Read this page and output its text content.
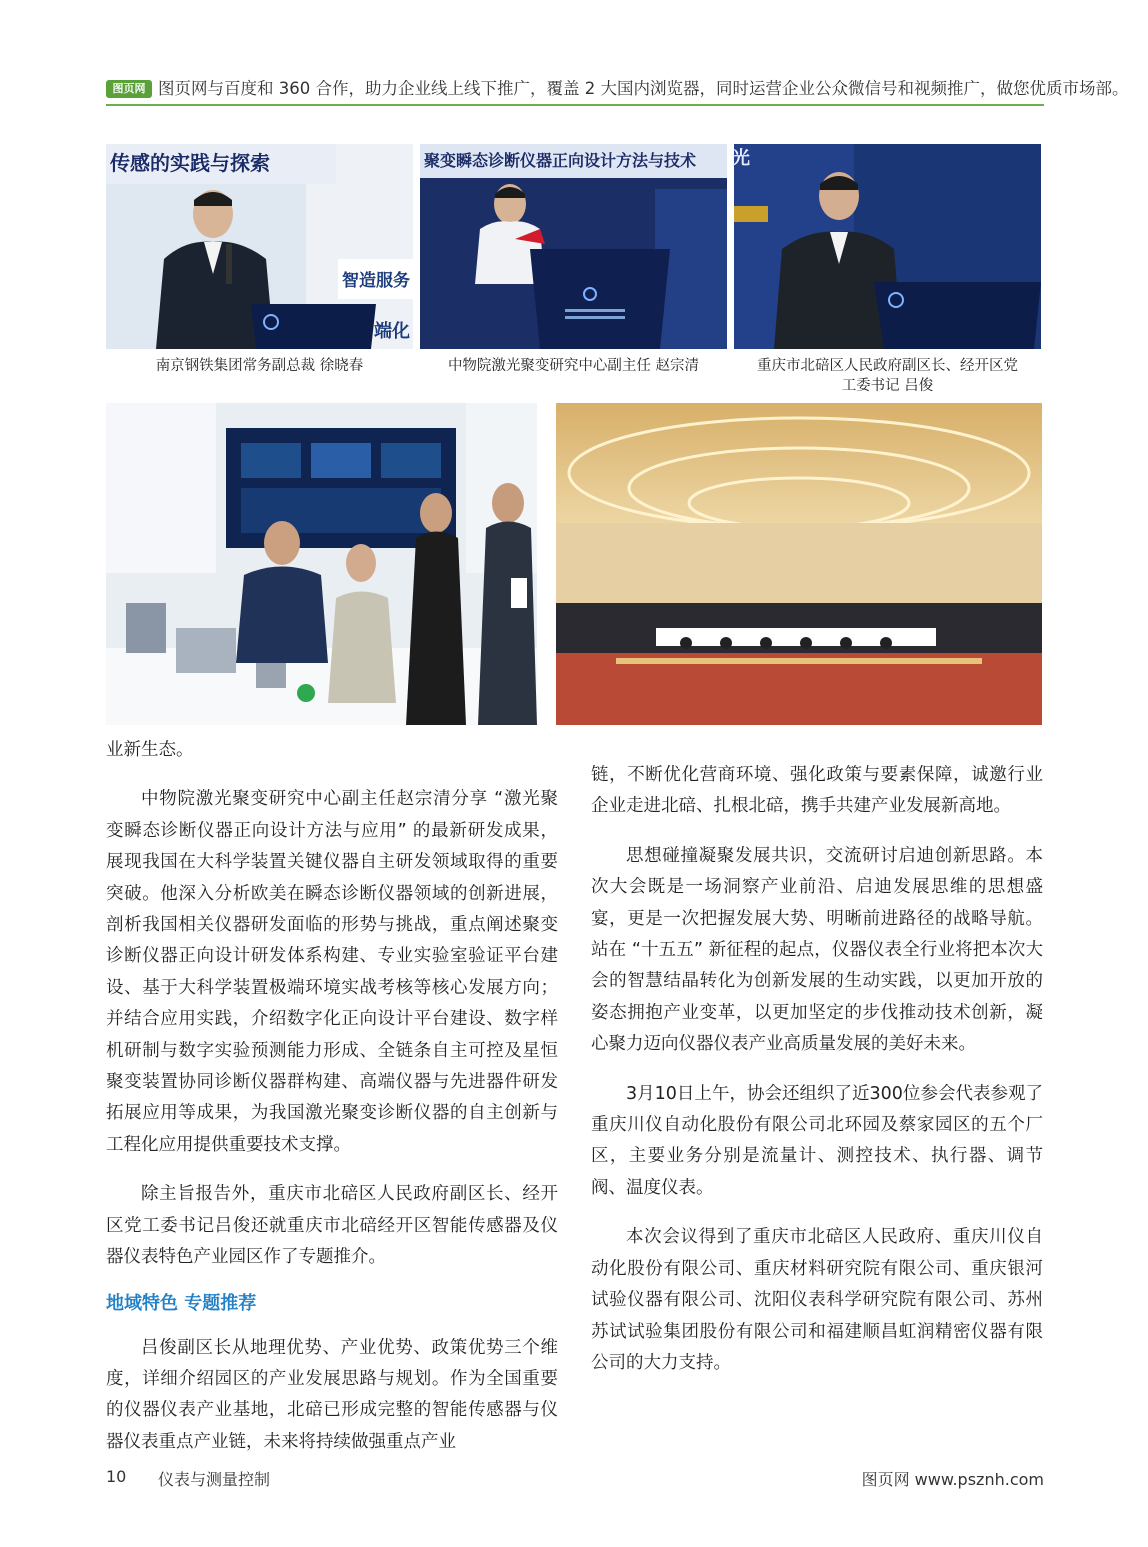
图页网 图页网与百度和 360 合作，助力企业线上线下推广，覆盖 2 大国内浏览器，同时运营企业公众微信号和视频推广，做您优质市场部。
传感的实践与探索
智造服务
端化
聚变瞬态诊断仪器正向设计方法与技术 光
南京钢铁集团常务副总裁 徐晓春	中物院激光聚变研究中心副主任 赵宗清	重庆市北碚区人民政府副区长、经开区党
工委书记 吕俊

业新生态。

中物院激光聚变研究中心副主任赵宗清分享 “激光聚变瞬态诊断仪器正向设计方法与应用” 的最新研发成果，展现我国在大科学装置关键仪器自主研发领域取得的重要突破。他深入分析欧美在瞬态诊断仪器领域的创新进展，剖析我国相关仪器研发面临的形势与挑战，重点阐述聚变诊断仪器正向设计研发体系构建、专业实验室验证平台建设、基于大科学装置极端环境实战考核等核心发展方向；并结合应用实践，介绍数字化正向设计平台建设、数字样机研制与数字实验预测能力形成、全链条自主可控及星恒聚变装置协同诊断仪器群构建、高端仪器与先进器件研发拓展应用等成果，为我国激光聚变诊断仪器的自主创新与工程化应用提供重要技术支撑。

除主旨报告外，重庆市北碚区人民政府副区长、经开区党工委书记吕俊还就重庆市北碚经开区智能传感器及仪器仪表特色产业园区作了专题推介。

地域特色 专题推荐

吕俊副区长从地理优势、产业优势、政策优势三个维度，详细介绍园区的产业发展思路与规划。作为全国重要的仪器仪表产业基地，北碚已形成完整的智能传感器与仪器仪表重点产业链，未来将持续做强重点产业

链，不断优化营商环境、强化政策与要素保障，诚邀行业企业走进北碚、扎根北碚，携手共建产业发展新高地。

思想碰撞凝聚发展共识，交流研讨启迪创新思路。本次大会既是一场洞察产业前沿、启迪发展思维的思想盛宴，更是一次把握发展大势、明晰前进路径的战略导航。站在 “十五五” 新征程的起点，仪器仪表全行业将把本次大会的智慧结晶转化为创新发展的生动实践，以更加开放的姿态拥抱产业变革，以更加坚定的步伐推动技术创新，凝心聚力迈向仪器仪表产业高质量发展的美好未来。

3月10日上午，协会还组织了近300位参会代表参观了重庆川仪自动化股份有限公司北环园及蔡家园区的五个厂区，主要业务分别是流量计、测控技术、执行器、调节阀、温度仪表。

本次会议得到了重庆市北碚区人民政府、重庆川仪自动化股份有限公司、重庆材料研究院有限公司、重庆银河试验仪器有限公司、沈阳仪表科学研究院有限公司、苏州苏试试验集团股份有限公司和福建顺昌虹润精密仪器有限公司的大力支持。

10 仪表与测量控制	图页网 www.psznh.com
